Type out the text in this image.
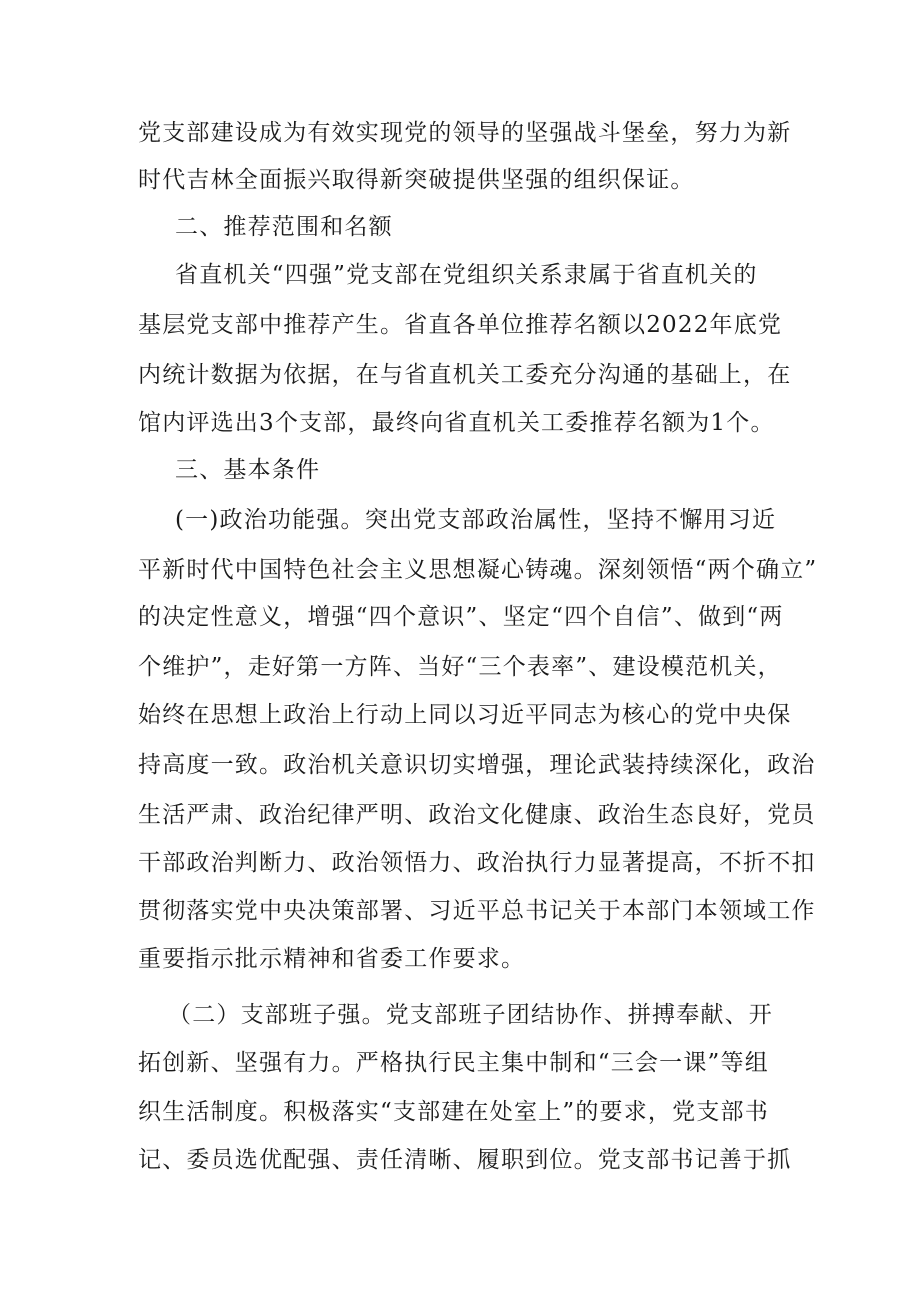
党支部建设成为有效实现党的领导的坚强战斗堡垒，努力为新
时代吉林全面振兴取得新突破提供坚强的组织保证。
二、推荐范围和名额
省直机关“四强”党支部在党组织关系隶属于省直机关的
基层党支部中推荐产生。省直各单位推荐名额以2022年底党
内统计数据为依据，在与省直机关工委充分沟通的基础上，在
馆内评选出3个支部，最终向省直机关工委推荐名额为1个。
三、基本条件
(一)政治功能强。突出党支部政治属性，坚持不懈用习近
平新时代中国特色社会主义思想凝心铸魂。深刻领悟“两个确立”
的决定性意义，增强“四个意识”、坚定“四个自信”、做到“两
个维护”，走好第一方阵、当好“三个表率”、建设模范机关，
始终在思想上政治上行动上同以习近平同志为核心的党中央保
持高度一致。政治机关意识切实增强，理论武装持续深化，政治
生活严肃、政治纪律严明、政治文化健康、政治生态良好，党员
干部政治判断力、政治领悟力、政治执行力显著提高，不折不扣
贯彻落实党中央决策部署、习近平总书记关于本部门本领域工作
重要指示批示精神和省委工作要求。
（二）支部班子强。党支部班子团结协作、拼搏奉献、开
拓创新、坚强有力。严格执行民主集中制和“三会一课”等组
织生活制度。积极落实“支部建在处室上”的要求，党支部书
记、委员选优配强、责任清晰、履职到位。党支部书记善于抓
